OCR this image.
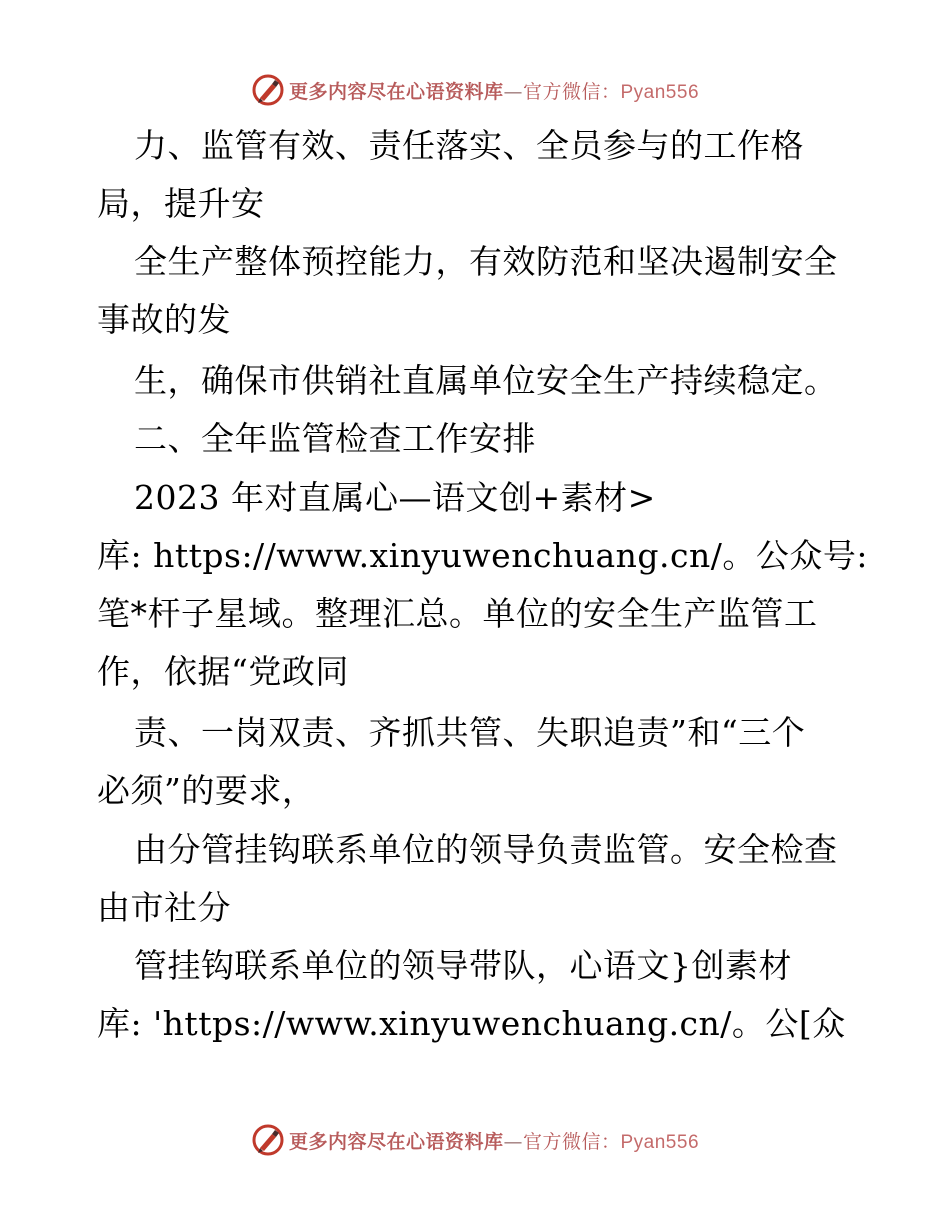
更多内容尽在心语资料库—官方微信：Pyan556
力、监管有效、责任落实、全员参与的工作格
局，提升安
全生产整体预控能力，有效防范和坚决遏制安全
事故的发
生，确保市供销社直属单位安全生产持续稳定。
二、全年监管检查工作安排
2023 年对直属心—语文创+素材>
库: https://www.xinyuwenchuang.cn/。公众号:
笔*杆子星域。整理汇总。单位的安全生产监管工
作，依据“党政同
责、一岗双责、齐抓共管、失职追责”和“三个
必须”的要求，
由分管挂钩联系单位的领导负责监管。安全检查
由市社分
管挂钩联系单位的领导带队，心语文}创素材
库: 'https://www.xinyuwenchuang.cn/。公[众
更多内容尽在心语资料库—官方微信：Pyan556
